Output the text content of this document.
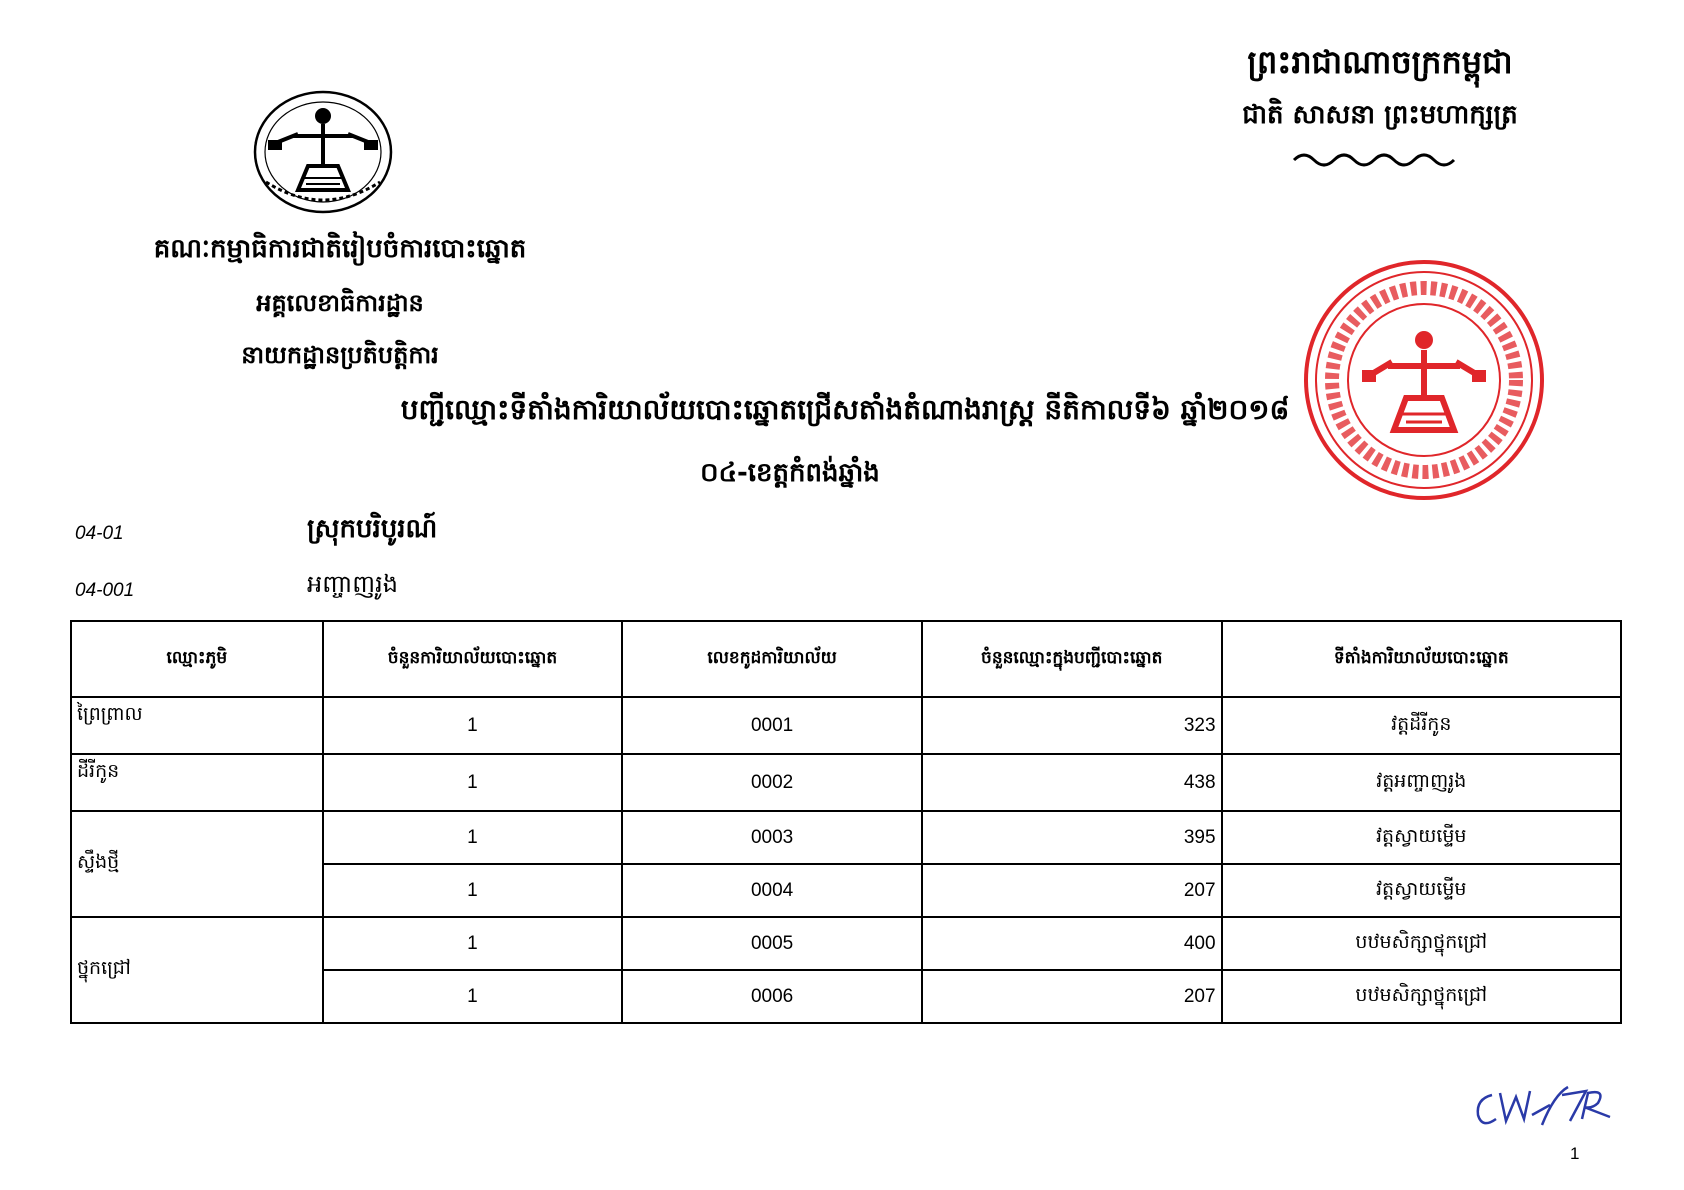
ព្រះរាជាណាចក្រកម្ពុជា
ជាតិ សាសនា ព្រះមហាក្សត្រ
គណៈកម្មាធិការជាតិរៀបចំការបោះឆ្នោត
អគ្គលេខាធិការដ្ឋាន
នាយកដ្ឋានប្រតិបត្តិការ
បញ្ជីឈ្មោះទីតាំងការិយាល័យបោះឆ្នោតជ្រើសតាំងតំណាងរាស្ត្រ នីតិកាលទី៦ ឆ្នាំ២០១៨
០៤-ខេត្តកំពង់ឆ្នាំង
04-01	ស្រុកបរិបូរណ៍
04-001	អញ្ចាញរូង
ឈ្មោះភូមិ	ចំនួនការិយាល័យបោះឆ្នោត	លេខកូដការិយាល័យ	ចំនួនឈ្មោះក្នុងបញ្ជីបោះឆ្នោត	ទីតាំងការិយាល័យបោះឆ្នោត
ព្រៃព្រាល	1	0001	323	វត្តដីរីកូន
ដីរីកូន	1	0002	438	វត្តអញ្ចាញរូង
ស្ទឹងថ្មី	1	0003	395	វត្តស្វាយម្ទើម
	1	0004	207	វត្តស្វាយម្ទើម
ថ្នុកជ្រៅ	1	0005	400	បឋមសិក្សាថ្នុកជ្រៅ
	1	0006	207	បឋមសិក្សាថ្នុកជ្រៅ
1
